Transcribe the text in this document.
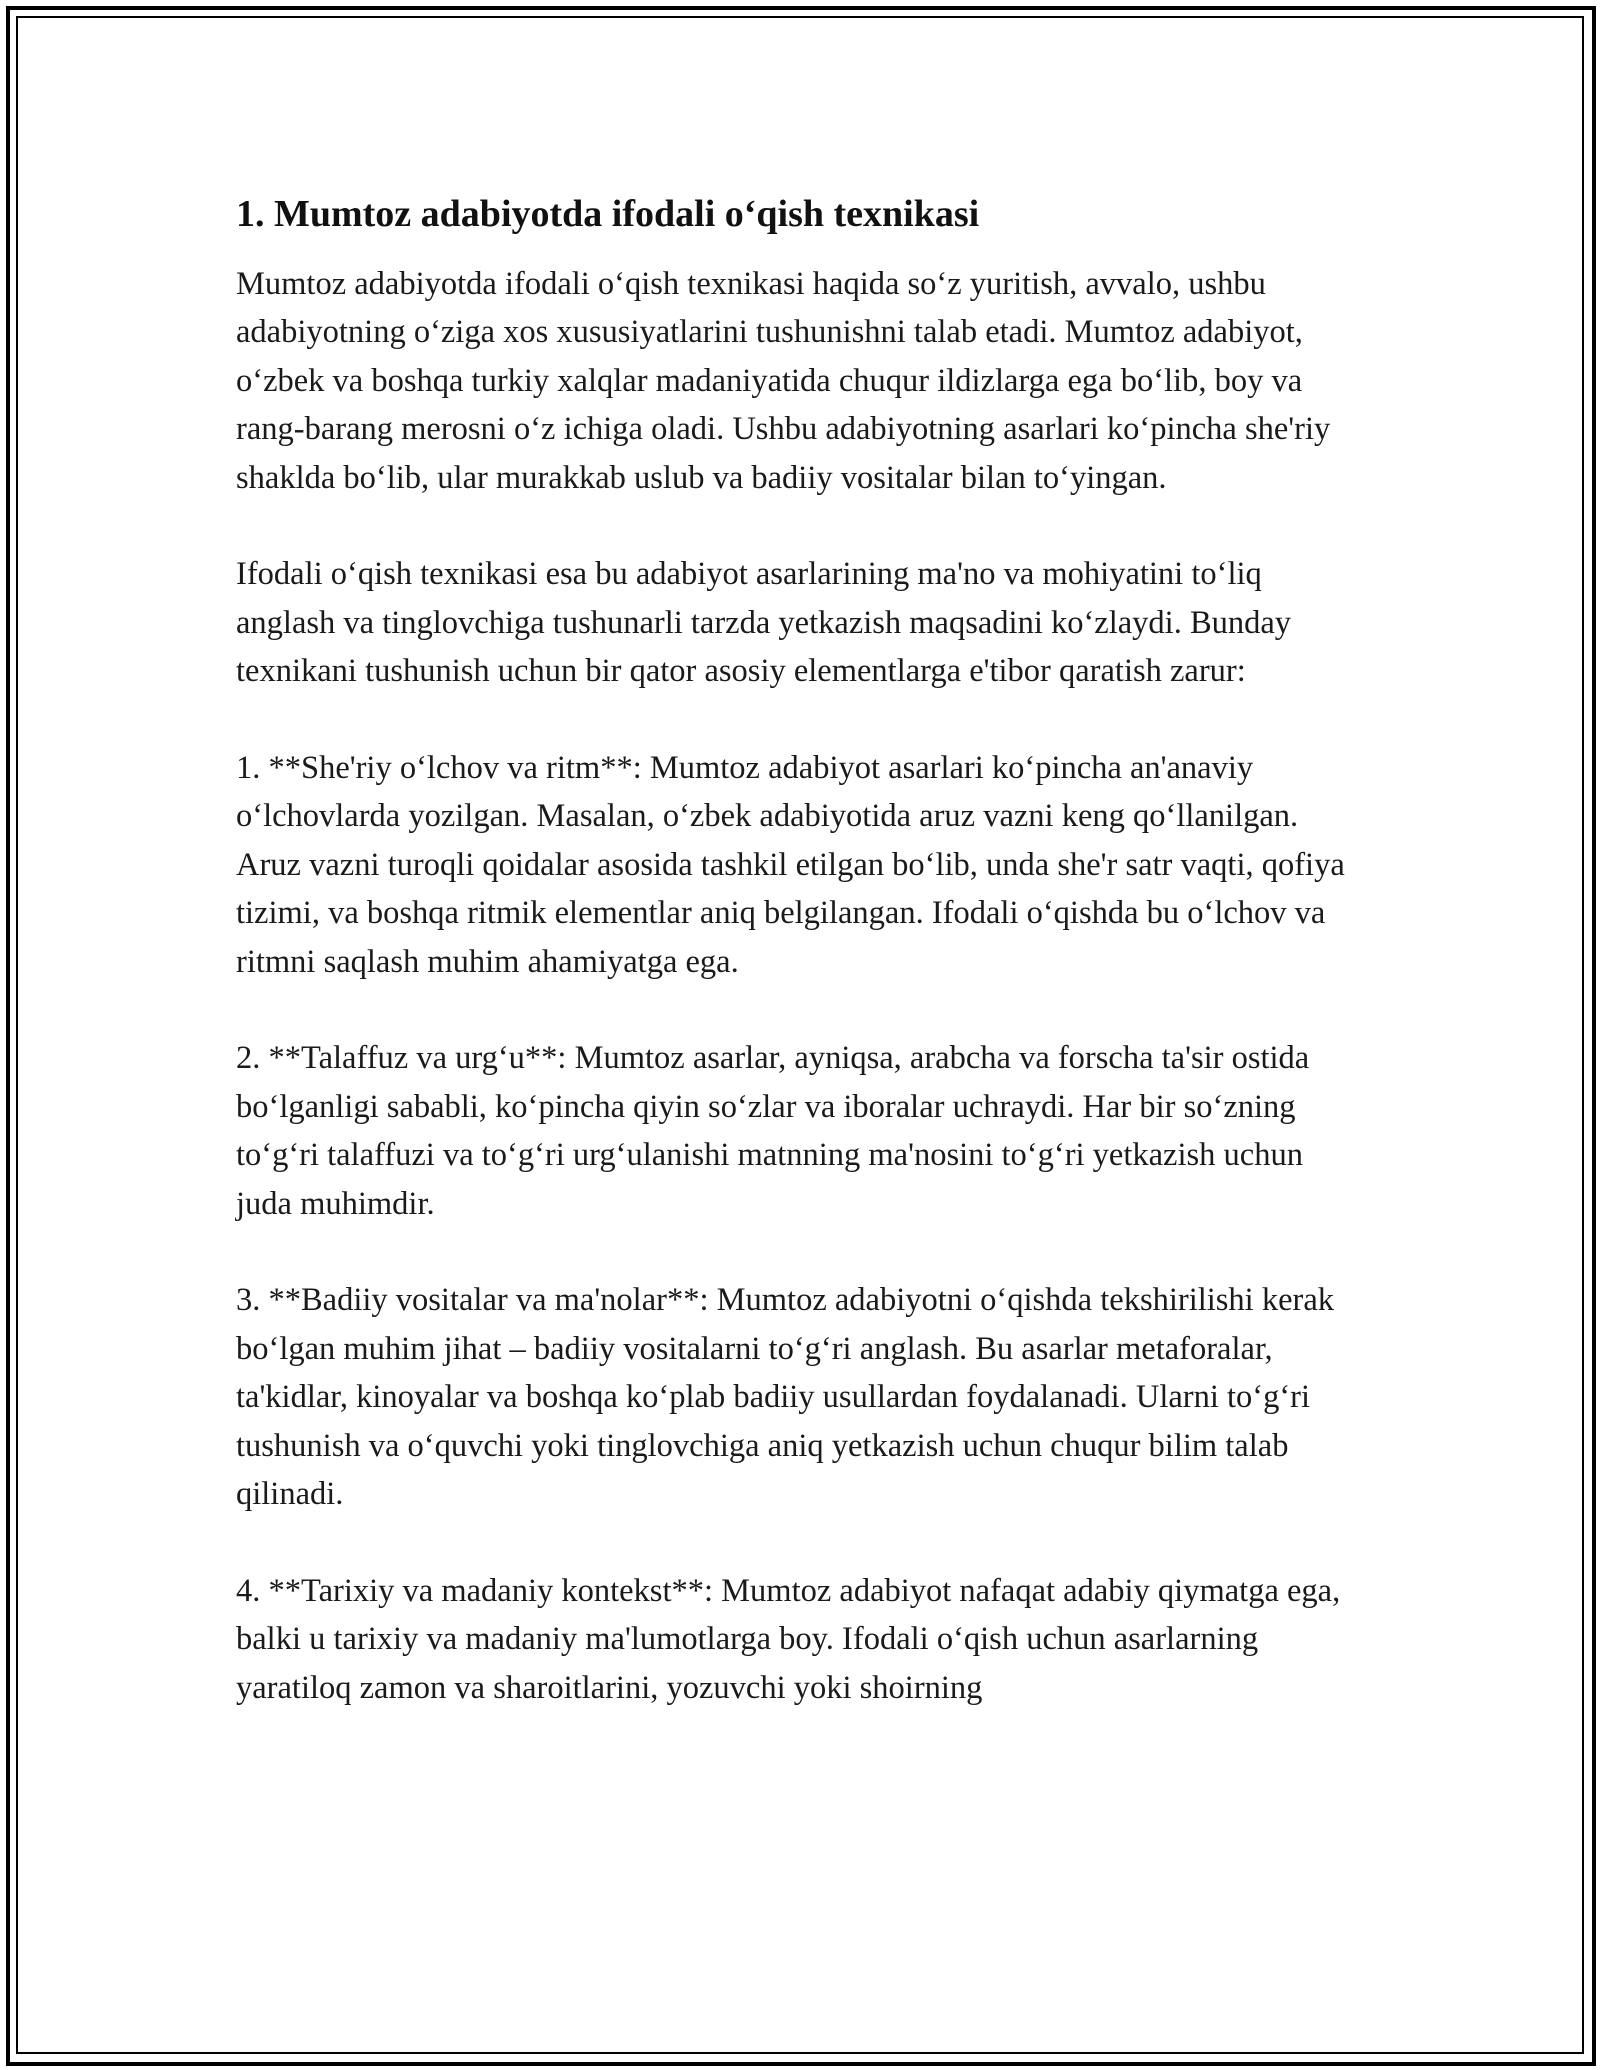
1. Mumtoz adabiyotda ifodali o‘qish texnikasi

Mumtoz adabiyotda ifodali o‘qish texnikasi haqida so‘z yuritish, avvalo, ushbu adabiyotning o‘ziga xos xususiyatlarini tushunishni talab etadi. Mumtoz adabiyot, o‘zbek va boshqa turkiy xalqlar madaniyatida chuqur ildizlarga ega bo‘lib, boy va rang-barang merosni o‘z ichiga oladi. Ushbu adabiyotning asarlari ko‘pincha she'riy shaklda bo‘lib, ular murakkab uslub va badiiy vositalar bilan to‘yingan.

Ifodali o‘qish texnikasi esa bu adabiyot asarlarining ma'no va mohiyatini to‘liq anglash va tinglovchiga tushunarli tarzda yetkazish maqsadini ko‘zlaydi. Bunday texnikani tushunish uchun bir qator asosiy elementlarga e'tibor qaratish zarur:

1. **She'riy o‘lchov va ritm**: Mumtoz adabiyot asarlari ko‘pincha an'anaviy o‘lchovlarda yozilgan. Masalan, o‘zbek adabiyotida aruz vazni keng qo‘llanilgan. Aruz vazni turoqli qoidalar asosida tashkil etilgan bo‘lib, unda she'r satr vaqti, qofiya tizimi, va boshqa ritmik elementlar aniq belgilangan. Ifodali o‘qishda bu o‘lchov va ritmni saqlash muhim ahamiyatga ega.

2. **Talaffuz va urg‘u**: Mumtoz asarlar, ayniqsa, arabcha va forscha ta'sir ostida bo‘lganligi sababli, ko‘pincha qiyin so‘zlar va iboralar uchraydi. Har bir so‘zning to‘g‘ri talaffuzi va to‘g‘ri urg‘ulanishi matnning ma'nosini to‘g‘ri yetkazish uchun juda muhimdir.

3. **Badiiy vositalar va ma'nolar**: Mumtoz adabiyotni o‘qishda tekshirilishi kerak bo‘lgan muhim jihat – badiiy vositalarni to‘g‘ri anglash. Bu asarlar metaforalar, ta'kidlar, kinoyalar va boshqa ko‘plab badiiy usullardan foydalanadi. Ularni to‘g‘ri tushunish va o‘quvchi yoki tinglovchiga aniq yetkazish uchun chuqur bilim talab qilinadi.

4. **Tarixiy va madaniy kontekst**: Mumtoz adabiyot nafaqat adabiy qiymatga ega, balki u tarixiy va madaniy ma'lumotlarga boy. Ifodali o‘qish uchun asarlarning yaratiloq zamon va sharoitlarini, yozuvchi yoki shoirning
